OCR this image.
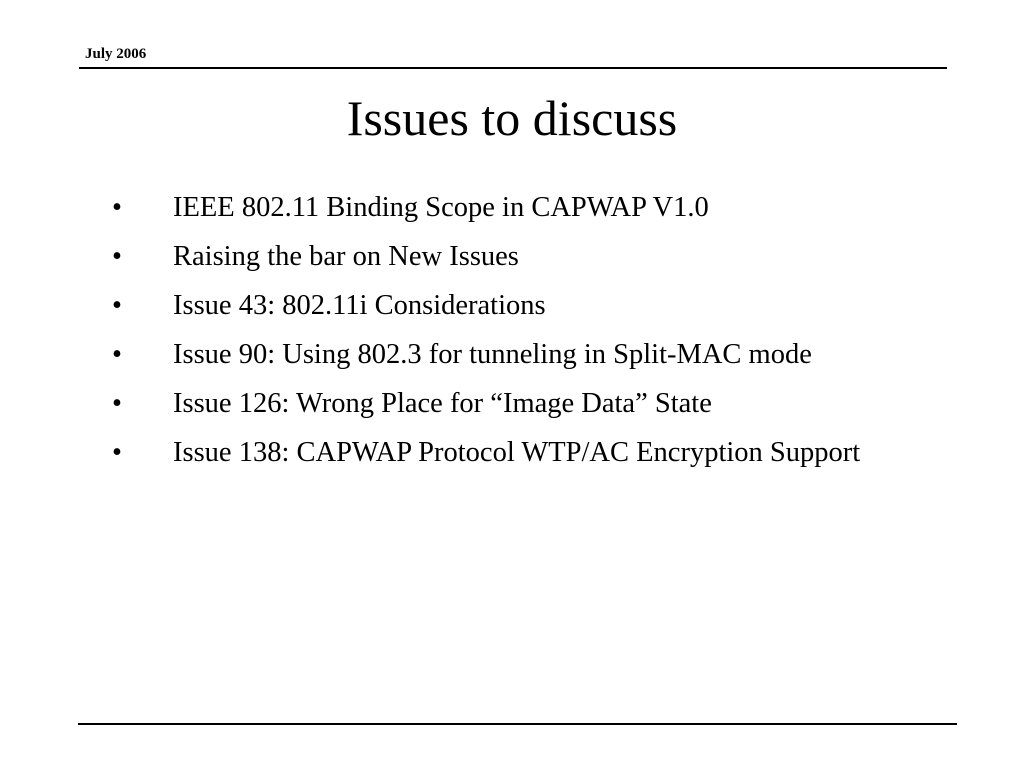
July 2006
Issues to discuss
•	IEEE 802.11 Binding Scope in CAPWAP V1.0
•	Raising the bar on New Issues
•	Issue 43: 802.11i Considerations
•	Issue 90: Using 802.3 for tunneling in Split-MAC mode
•	Issue 126: Wrong Place for “Image Data” State
•	Issue 138: CAPWAP Protocol WTP/AC Encryption Support
